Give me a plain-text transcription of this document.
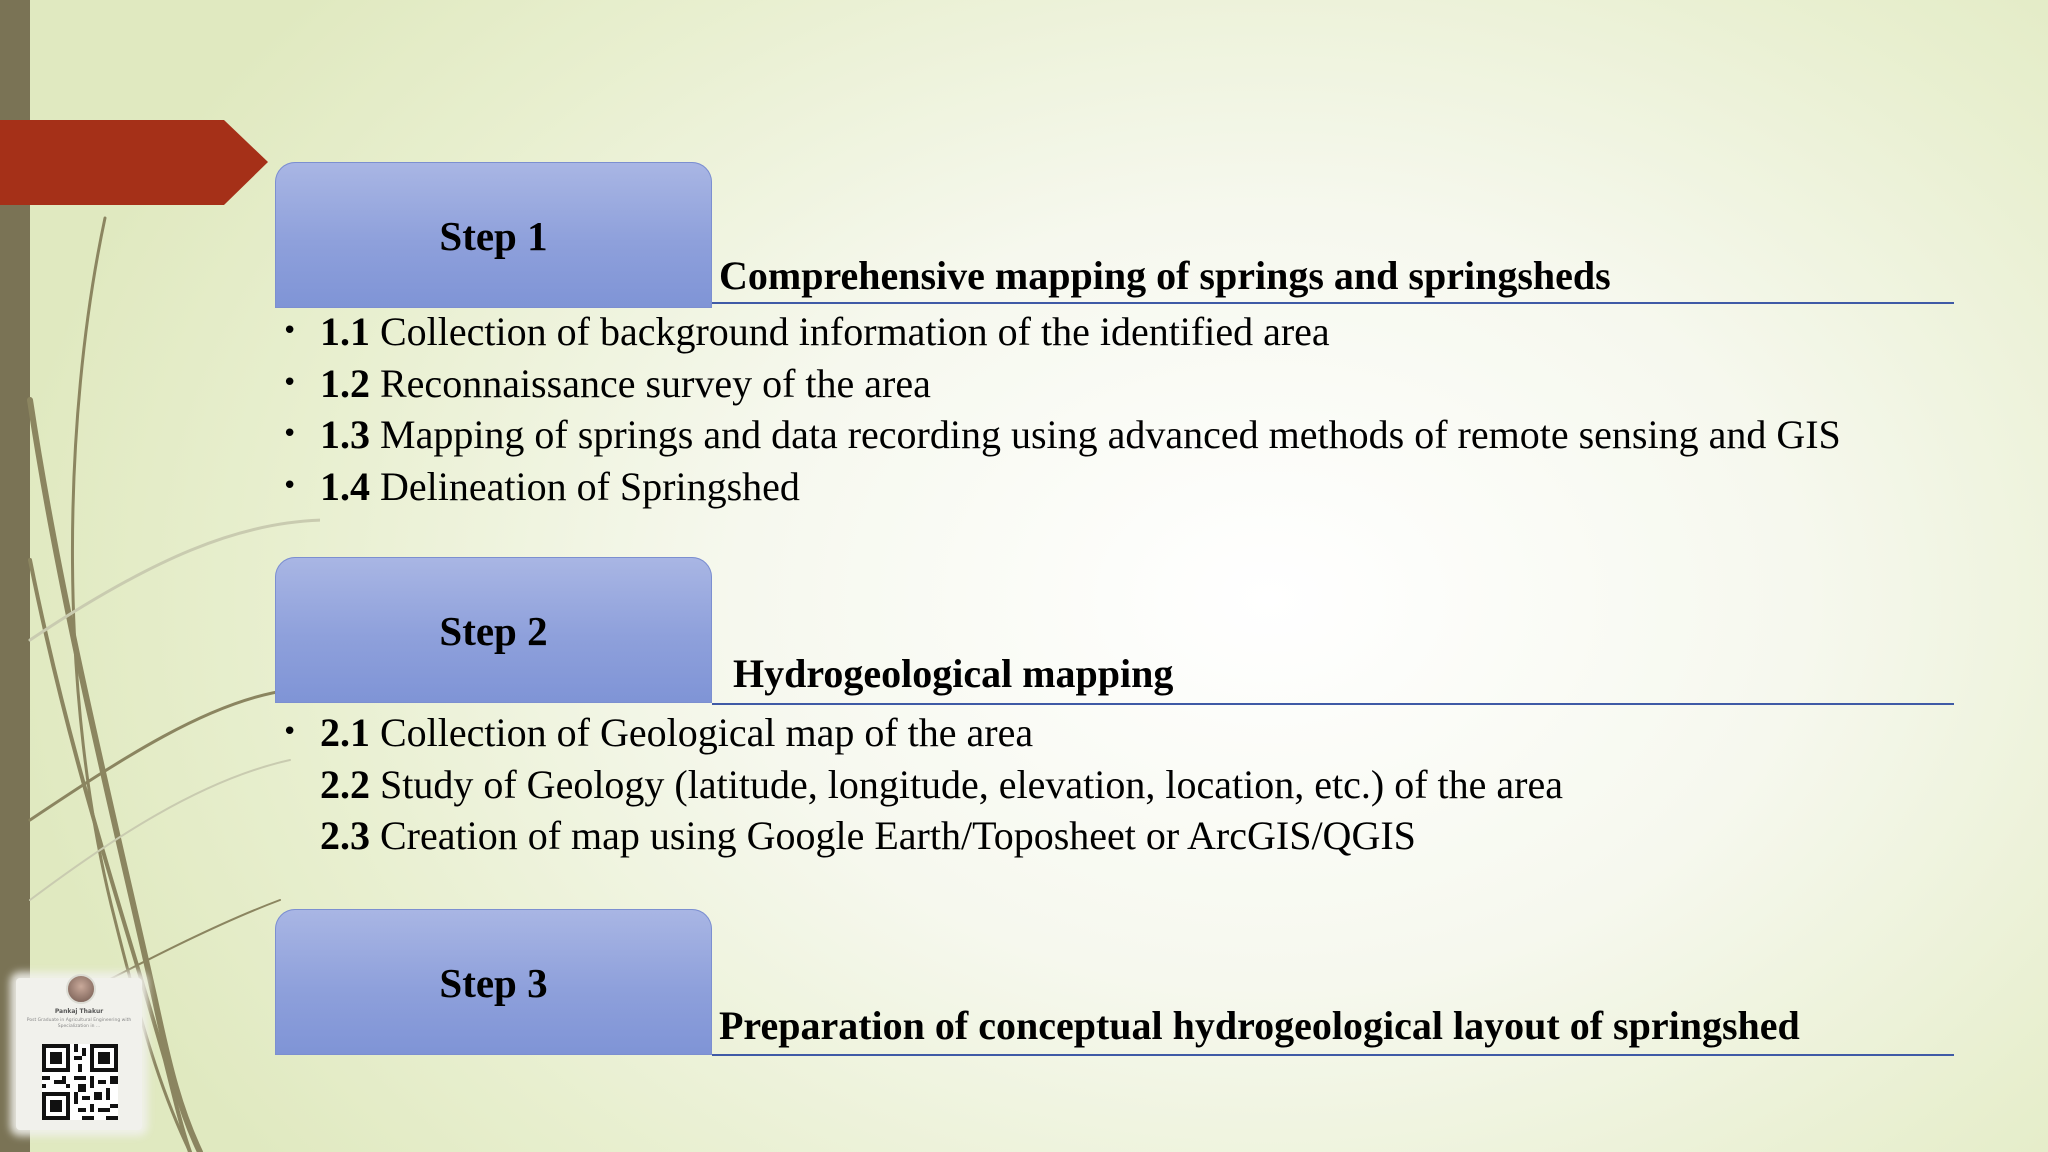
Step 1
Comprehensive mapping of springs and springsheds
• 1.1 Collection of background information of the identified area
• 1.2 Reconnaissance survey of the area
• 1.3 Mapping of springs and data recording using advanced methods of remote sensing and GIS
• 1.4 Delineation of Springshed
Step 2
Hydrogeological mapping
• 2.1 Collection of Geological map of the area
2.2 Study of Geology (latitude, longitude, elevation, location, etc.) of the area
2.3 Creation of map using Google Earth/Toposheet or ArcGIS/QGIS
Step 3
Preparation of conceptual hydrogeological layout of springshed
Pankaj Thakur
Post Graduate in Agricultural Engineering with Specialization in ...
